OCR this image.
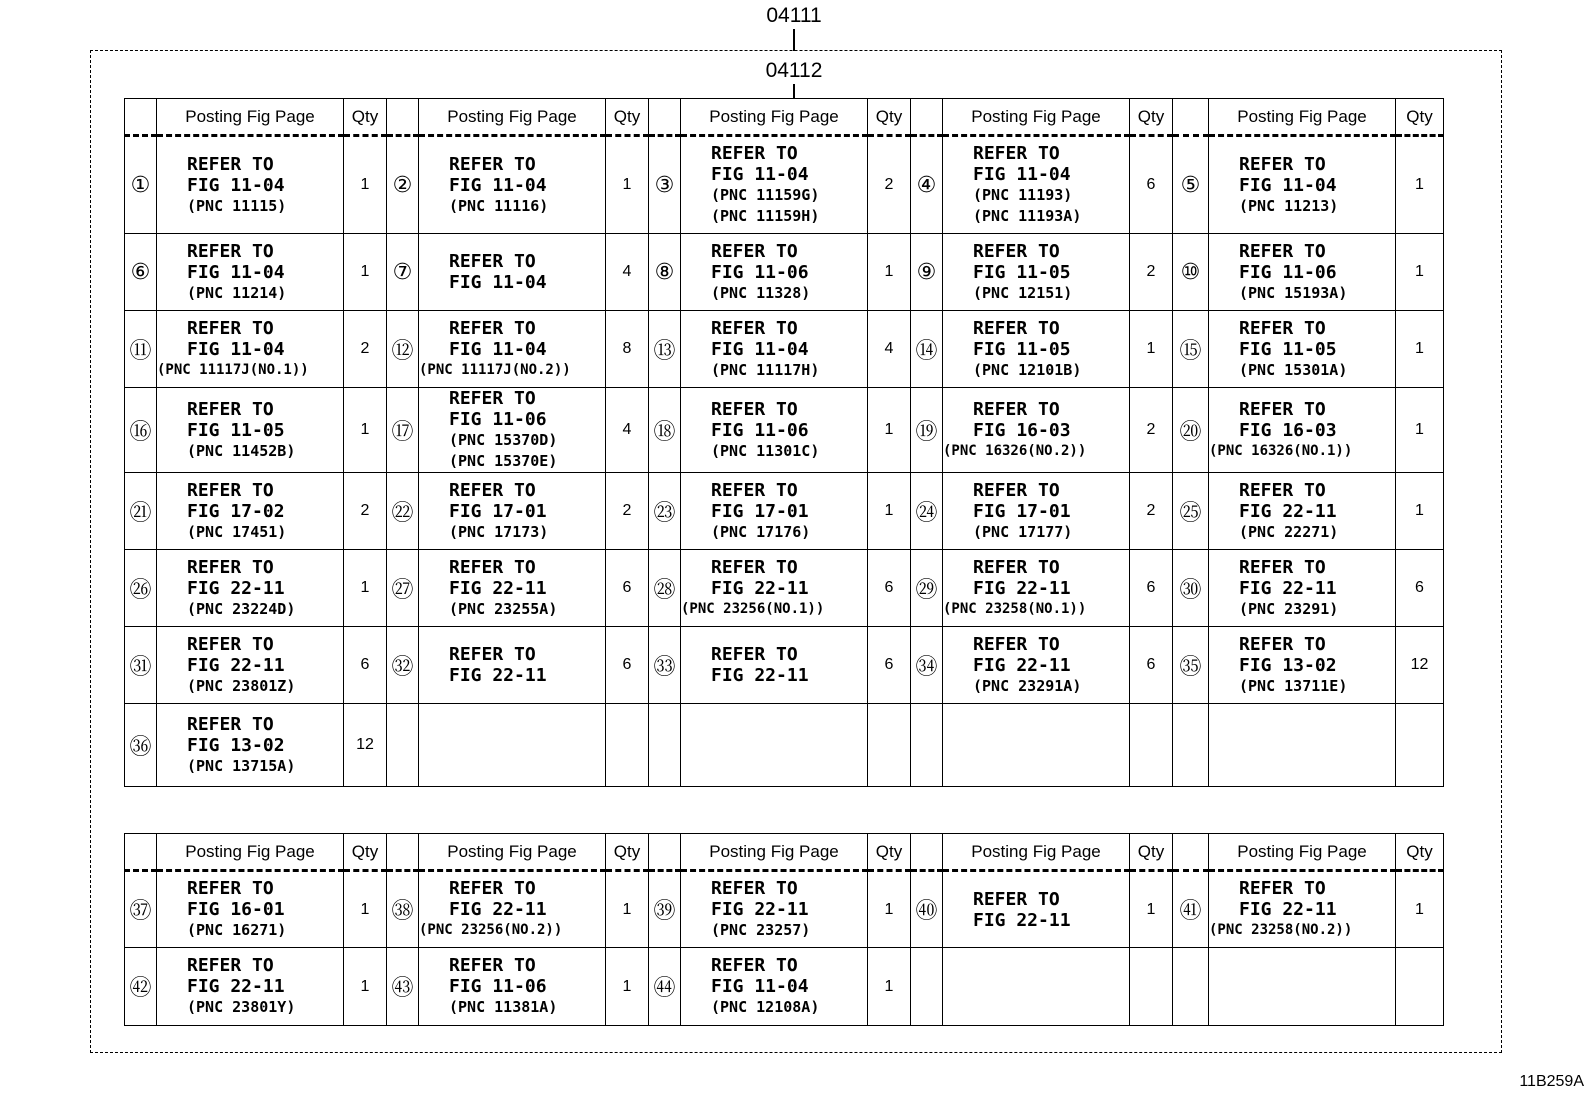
04111
04112
	Posting Fig Page	Qty		Posting Fig Page	Qty		Posting Fig Page	Qty		Posting Fig Page	Qty		Posting Fig Page	Qty
①	REFER TO
FIG 11-04
(PNC 11115)	1	②	REFER TO
FIG 11-04
(PNC 11116)	1	③	REFER TO
FIG 11-04
(PNC 11159G)
(PNC 11159H)	2	④	REFER TO
FIG 11-04
(PNC 11193)
(PNC 11193A)	6	⑤	REFER TO
FIG 11-04
(PNC 11213)	1
⑥	REFER TO
FIG 11-04
(PNC 11214)	1	⑦	REFER TO
FIG 11-04	4	⑧	REFER TO
FIG 11-06
(PNC 11328)	1	⑨	REFER TO
FIG 11-05
(PNC 12151)	2	⑩	REFER TO
FIG 11-06
(PNC 15193A)	1
⑪	REFER TO
FIG 11-04
(PNC 11117J(NO.1))	2	⑫	REFER TO
FIG 11-04
(PNC 11117J(NO.2))	8	⑬	REFER TO
FIG 11-04
(PNC 11117H)	4	⑭	REFER TO
FIG 11-05
(PNC 12101B)	1	⑮	REFER TO
FIG 11-05
(PNC 15301A)	1
⑯	REFER TO
FIG 11-05
(PNC 11452B)	1	⑰	REFER TO
FIG 11-06
(PNC 15370D)
(PNC 15370E)	4	⑱	REFER TO
FIG 11-06
(PNC 11301C)	1	⑲	REFER TO
FIG 16-03
(PNC 16326(NO.2))	2	⑳	REFER TO
FIG 16-03
(PNC 16326(NO.1))	1
㉑	REFER TO
FIG 17-02
(PNC 17451)	2	㉒	REFER TO
FIG 17-01
(PNC 17173)	2	㉓	REFER TO
FIG 17-01
(PNC 17176)	1	㉔	REFER TO
FIG 17-01
(PNC 17177)	2	㉕	REFER TO
FIG 22-11
(PNC 22271)	1
㉖	REFER TO
FIG 22-11
(PNC 23224D)	1	㉗	REFER TO
FIG 22-11
(PNC 23255A)	6	㉘	REFER TO
FIG 22-11
(PNC 23256(NO.1))	6	㉙	REFER TO
FIG 22-11
(PNC 23258(NO.1))	6	㉚	REFER TO
FIG 22-11
(PNC 23291)	6
㉛	REFER TO
FIG 22-11
(PNC 23801Z)	6	㉜	REFER TO
FIG 22-11	6	㉝	REFER TO
FIG 22-11	6	㉞	REFER TO
FIG 22-11
(PNC 23291A)	6	㉟	REFER TO
FIG 13-02
(PNC 13711E)	12
㊱	REFER TO
FIG 13-02
(PNC 13715A)	12												
	Posting Fig Page	Qty		Posting Fig Page	Qty		Posting Fig Page	Qty		Posting Fig Page	Qty		Posting Fig Page	Qty
㊲	REFER TO
FIG 16-01
(PNC 16271)	1	㊳	REFER TO
FIG 22-11
(PNC 23256(NO.2))	1	㊴	REFER TO
FIG 22-11
(PNC 23257)	1	㊵	REFER TO
FIG 22-11	1	㊶	REFER TO
FIG 22-11
(PNC 23258(NO.2))	1
㊷	REFER TO
FIG 22-11
(PNC 23801Y)	1	㊸	REFER TO
FIG 11-06
(PNC 11381A)	1	㊹	REFER TO
FIG 11-04
(PNC 12108A)	1						
11B259A
